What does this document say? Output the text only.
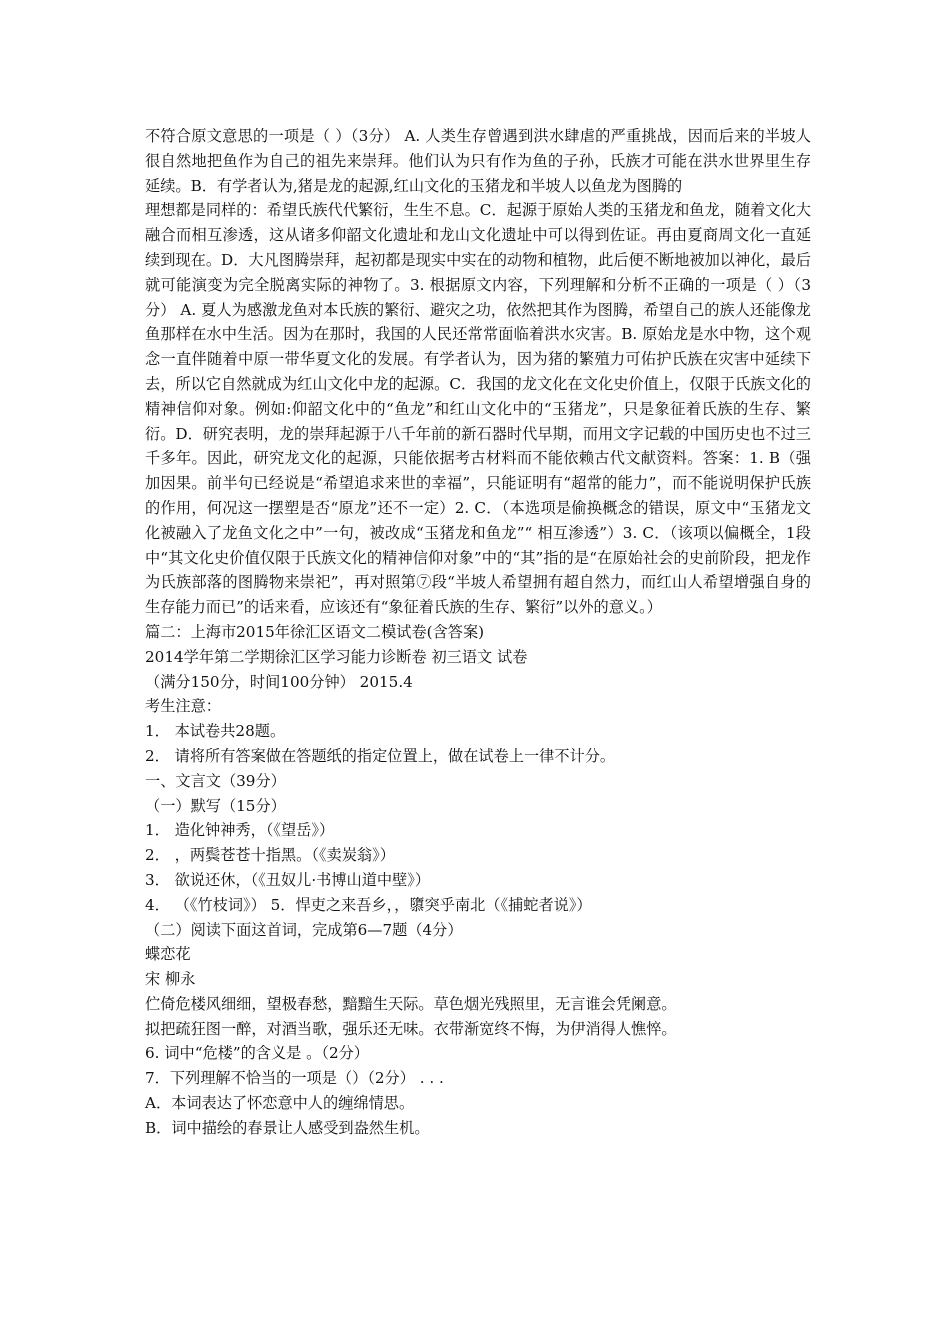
不符合原文意思的一项是（ ）（3分） A. 人类生存曾遇到洪水肆虐的严重挑战，因而后来的半坡人很自然地把鱼作为自己的祖先来崇拜。他们认为只有作为鱼的子孙，氏族才可能在洪水世界里生存延续。B．有学者认为,猪是龙的起源,红山文化的玉猪龙和半坡人以鱼龙为图腾的

理想都是同样的：希望氏族代代繁衍，生生不息。C．起源于原始人类的玉猪龙和鱼龙，随着文化大融合而相互渗透，这从诸多仰韶文化遗址和龙山文化遗址中可以得到佐证。再由夏商周文化一直延续到现在。D．大凡图腾崇拜，起初都是现实中实在的动物和植物，此后便不断地被加以神化，最后就可能演变为完全脱离实际的神物了。3. 根据原文内容，下列理解和分析不正确的一项是（ ）（3分） A. 夏人为感激龙鱼对本氏族的繁衍、避灾之功，依然把其作为图腾，希望自己的族人还能像龙鱼那样在水中生活。因为在那时，我国的人民还常常面临着洪水灾害。B. 原始龙是水中物，这个观念一直伴随着中原一带华夏文化的发展。有学者认为，因为猪的繁殖力可佑护氏族在灾害中延续下去，所以它自然就成为红山文化中龙的起源。C．我国的龙文化在文化史价值上，仅限于氏族文化的精神信仰对象。例如:仰韶文化中的“鱼龙”和红山文化中的“玉猪龙”，只是象征着氏族的生存、繁衍。D．研究表明，龙的崇拜起源于八千年前的新石器时代早期，而用文字记载的中国历史也不过三千多年。因此，研究龙文化的起源，只能依据考古材料而不能依赖古代文献资料。答案：1. B（强加因果。前半句已经说是“希望追求来世的幸福”，只能证明有“超常的能力”，而不能说明保护氏族的作用，何况这一摆塑是否“原龙”还不一定）2. C．（本选项是偷换概念的错误，原文中“玉猪龙文化被融入了龙鱼文化之中”一句，被改成“玉猪龙和鱼龙”“ 相互渗透”）3. C．（该项以偏概全，1段中“其文化史价值仅限于氏族文化的精神信仰对象”中的“其”指的是“在原始社会的史前阶段，把龙作为氏族部落的图腾物来崇祀”，再对照第⑦段“半坡人希望拥有超自然力，而红山人希望增强自身的生存能力而已”的话来看，应该还有“象征着氏族的生存、繁衍”以外的意义。）

篇二：上海市2015年徐汇区语文二模试卷(含答案)

2014学年第二学期徐汇区学习能力诊断卷 初三语文 试卷

（满分150分，时间100分钟） 2015.4

考生注意：

1． 本试卷共28题。

2． 请将所有答案做在答题纸的指定位置上，做在试卷上一律不计分。

一、文言文（39分）

（一）默写（15分）

1． 造化钟神秀，（《望岳》）

2． ，两鬓苍苍十指黑。（《卖炭翁》）

3． 欲说还休，（《丑奴儿·书博山道中壁》）

4． （《竹枝词》） 5．悍吏之来吾乡，，隳突乎南北（《捕蛇者说》）

（二）阅读下面这首词，完成第6—7题（4分）

蝶恋花

宋 柳永

伫倚危楼风细细，望极春愁，黯黯生天际。草色烟光残照里，无言谁会凭阑意。

拟把疏狂图一醉，对酒当歌，强乐还无味。衣带渐宽终不悔，为伊消得人憔悴。

6. 词中“危楼”的含义是 。（2分）

7．下列理解不恰当的一项是（）（2分） . . .

A．本词表达了怀恋意中人的缠绵情思。

B．词中描绘的春景让人感受到盎然生机。
